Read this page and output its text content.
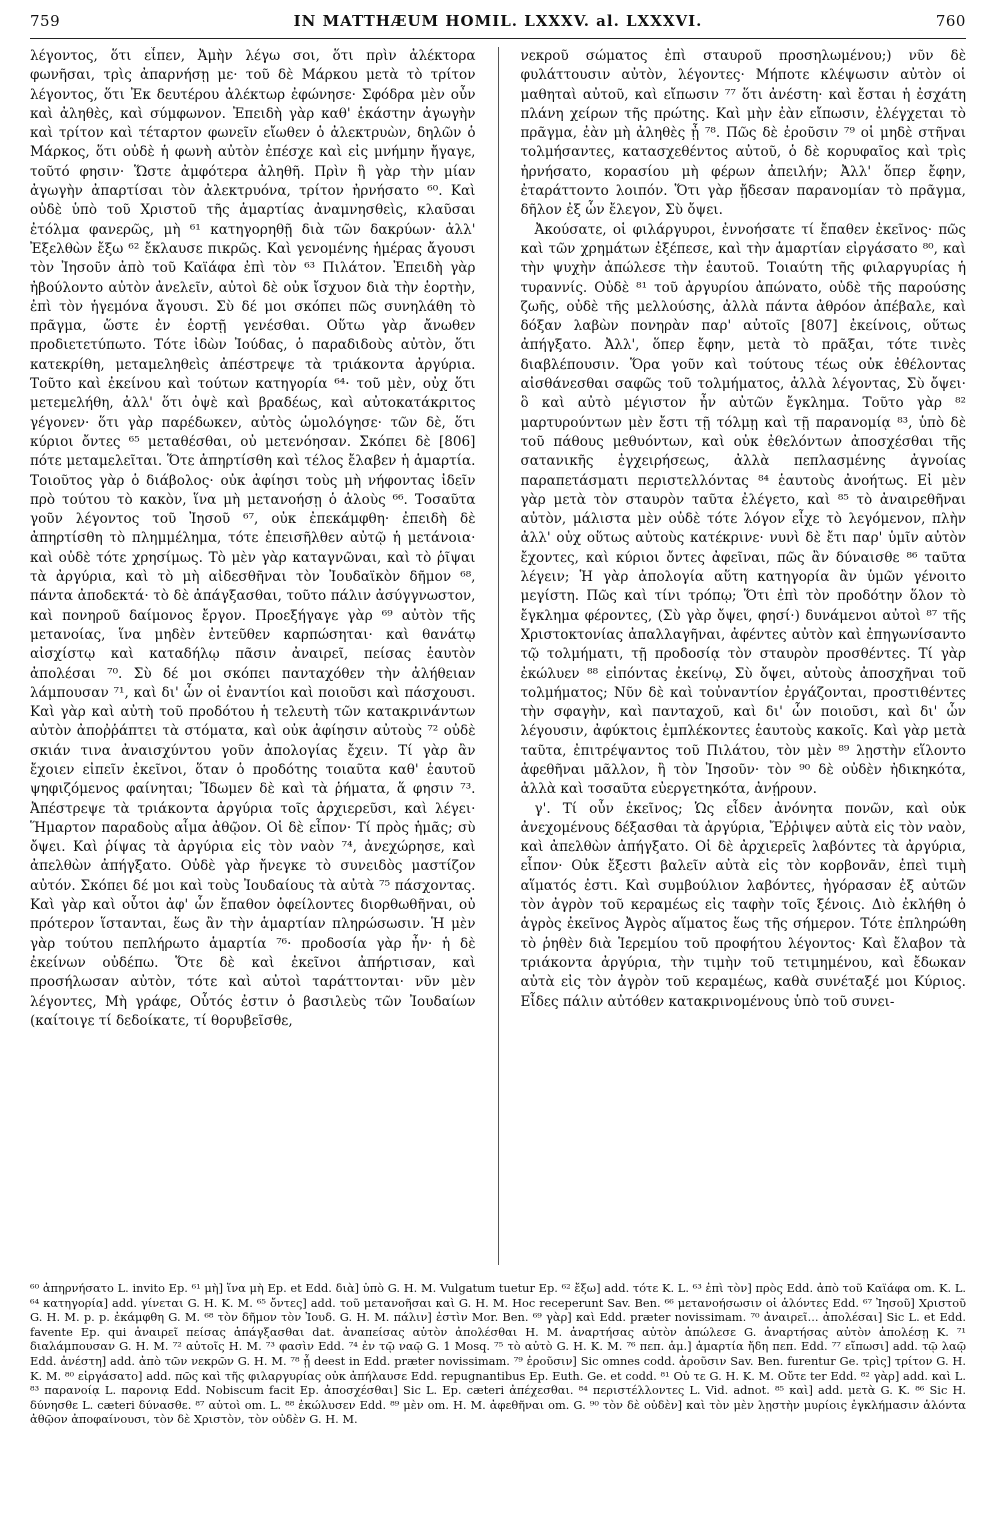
759	IN MATTHÆUM HOMIL. LXXXV. al. LXXXVI.	760

λέγοντος, ὅτι εἶπεν, Ἀμὴν λέγω σοι, ὅτι πρὶν ἀλέκτορα φωνῆσαι, τρὶς ἀπαρνήσῃ με· τοῦ δὲ Μάρκου μετὰ τὸ τρίτον λέγοντος, ὅτι Ἐκ δευτέρου ἀλέκτωρ ἐφώνησε· Σφόδρα μὲν οὖν καὶ ἀληθὲς, καὶ σύμφωνον. Ἐπειδὴ γὰρ καθ' ἑκάστην ἀγωγὴν καὶ τρίτον καὶ τέταρτον φωνεῖν εἴωθεν ὁ ἀλεκτρυὼν, δηλῶν ὁ Μάρκος, ὅτι οὐδὲ ἡ φωνὴ αὐτὸν ἐπέσχε καὶ εἰς μνήμην ἤγαγε, τοῦτό φησιν· Ὥστε ἀμφότερα ἀληθῆ. Πρὶν ἢ γὰρ τὴν μίαν ἀγωγὴν ἀπαρτίσαι τὸν ἀλεκτρυόνα, τρίτον ἠρνήσατο ⁶⁰. Καὶ οὐδὲ ὑπὸ τοῦ Χριστοῦ τῆς ἁμαρτίας ἀναμνησθεὶς, κλαῦσαι ἐτόλμα φανερῶς, μὴ ⁶¹ κατηγορηθῇ διὰ τῶν δακρύων· ἀλλ' Ἐξελθὼν ἔξω ⁶² ἔκλαυσε πικρῶς. Καὶ γενομένης ἡμέρας ἄγουσι τὸν Ἰησοῦν ἀπὸ τοῦ Καϊάφα ἐπὶ τὸν ⁶³ Πιλάτον. Ἐπειδὴ γὰρ ἠβούλοντο αὐτὸν ἀνελεῖν, αὐτοὶ δὲ οὐκ ἴσχυον διὰ τὴν ἑορτὴν, ἐπὶ τὸν ἡγεμόνα ἄγουσι. Σὺ δέ μοι σκόπει πῶς συνηλάθη τὸ πρᾶγμα, ὥστε ἐν ἑορτῇ γενέσθαι. Οὕτω γὰρ ἄνωθεν προδιετετύπωτο. Τότε ἰδὼν Ἰούδας, ὁ παραδιδοὺς αὐτὸν, ὅτι κατεκρίθη, μεταμεληθεὶς ἀπέστρεψε τὰ τριάκοντα ἀργύρια. Τοῦτο καὶ ἐκείνου καὶ τούτων κατηγορία ⁶⁴· τοῦ μὲν, οὐχ ὅτι μετεμελήθη, ἀλλ' ὅτι ὀψὲ καὶ βραδέως, καὶ αὐτοκατάκριτος γέγονεν· ὅτι γὰρ παρέδωκεν, αὐτὸς ὡμολόγησε· τῶν δὲ, ὅτι κύριοι ὄντες ⁶⁵ μεταθέσθαι, οὐ μετενόησαν. Σκόπει δὲ [806] πότε μεταμελεῖται. Ὅτε ἀπηρτίσθη καὶ τέλος ἔλαβεν ἡ ἁμαρτία. Τοιοῦτος γὰρ ὁ διάβολος· οὐκ ἀφίησι τοὺς μὴ νήφοντας ἰδεῖν πρὸ τούτου τὸ κακὸν, ἵνα μὴ μετανοήσῃ ὁ ἁλοὺς ⁶⁶. Τοσαῦτα γοῦν λέγοντος τοῦ Ἰησοῦ ⁶⁷, οὐκ ἐπεκάμφθη· ἐπειδὴ δὲ ἀπηρτίσθη τὸ πλημμέλημα, τότε ἐπεισῆλθεν αὐτῷ ἡ μετάνοια· καὶ οὐδὲ τότε χρησίμως. Τὸ μὲν γὰρ καταγνῶναι, καὶ τὸ ῥῖψαι τὰ ἀργύρια, καὶ τὸ μὴ αἰδεσθῆναι τὸν Ἰουδαϊκὸν δῆμον ⁶⁸, πάντα ἀποδεκτά· τὸ δὲ ἀπάγξασθαι, τοῦτο πάλιν ἀσύγγνωστον, καὶ πονηροῦ δαίμονος ἔργον. Προεξήγαγε γὰρ ⁶⁹ αὐτὸν τῆς μετανοίας, ἵνα μηδὲν ἐντεῦθεν καρπώσηται· καὶ θανάτῳ αἰσχίστῳ καὶ καταδήλῳ πᾶσιν ἀναιρεῖ, πείσας ἑαυτὸν ἀπολέσαι ⁷⁰. Σὺ δέ μοι σκόπει πανταχόθεν τὴν ἀλήθειαν λάμπουσαν ⁷¹, καὶ δι' ὧν οἱ ἐναντίοι καὶ ποιοῦσι καὶ πάσχουσι. Καὶ γὰρ καὶ αὐτὴ τοῦ προδότου ἡ τελευτὴ τῶν κατακρινάντων αὐτὸν ἀποῤῥάπτει τὰ στόματα, καὶ οὐκ ἀφίησιν αὐτοὺς ⁷² οὐδὲ σκιάν τινα ἀναισχύντου γοῦν ἀπολογίας ἔχειν. Τί γὰρ ἂν ἔχοιεν εἰπεῖν ἐκεῖνοι, ὅταν ὁ προδότης τοιαῦτα καθ' ἑαυτοῦ ψηφιζόμενος φαίνηται; Ἴδωμεν δὲ καὶ τὰ ῥήματα, ἅ φησιν ⁷³. Ἀπέστρεψε τὰ τριάκοντα ἀργύρια τοῖς ἀρχιερεῦσι, καὶ λέγει· Ἥμαρτον παραδοὺς αἷμα ἀθῷον. Οἱ δὲ εἶπον· Τί πρὸς ἡμᾶς; σὺ ὄψει. Καὶ ῥίψας τὰ ἀργύρια εἰς τὸν ναὸν ⁷⁴, ἀνεχώρησε, καὶ ἀπελθὼν ἀπήγξατο. Οὐδὲ γὰρ ἤνεγκε τὸ συνειδὸς μαστίζον αὐτόν. Σκόπει δέ μοι καὶ τοὺς Ἰουδαίους τὰ αὐτὰ ⁷⁵ πάσχοντας. Καὶ γὰρ καὶ οὗτοι ἀφ' ὧν ἔπαθον ὀφείλοντες διορθωθῆναι, οὐ πρότερον ἵστανται, ἕως ἂν τὴν ἁμαρτίαν πληρώσωσιν. Ἡ μὲν γὰρ τούτου πεπλήρωτο ἁμαρτία ⁷⁶· προδοσία γὰρ ἦν· ἡ δὲ ἐκείνων οὐδέπω. Ὅτε δὲ καὶ ἐκεῖνοι ἀπήρτισαν, καὶ προσήλωσαν αὐτὸν, τότε καὶ αὐτοὶ ταράττονται· νῦν μὲν λέγοντες, Μὴ γράφε, Οὗτός ἐστιν ὁ βασιλεὺς τῶν Ἰουδαίων (καίτοιγε τί δεδοίκατε, τί θορυβεῖσθε,

νεκροῦ σώματος ἐπὶ σταυροῦ προσηλωμένου;) νῦν δὲ φυλάττουσιν αὐτὸν, λέγοντες· Μήποτε κλέψωσιν αὐτὸν οἱ μαθηταὶ αὐτοῦ, καὶ εἴπωσιν ⁷⁷ ὅτι ἀνέστη· καὶ ἔσται ἡ ἐσχάτη πλάνη χείρων τῆς πρώτης. Καὶ μὴν ἐὰν εἴπωσιν, ἐλέγχεται τὸ πρᾶγμα, ἐὰν μὴ ἀληθὲς ᾖ ⁷⁸. Πῶς δὲ ἐροῦσιν ⁷⁹ οἱ μηδὲ στῆναι τολμήσαντες, κατασχεθέντος αὐτοῦ, ὁ δὲ κορυφαῖος καὶ τρὶς ἠρνήσατο, κορασίου μὴ φέρων ἀπειλήν; Ἀλλ' ὅπερ ἔφην, ἐταράττοντο λοιπόν. Ὅτι γὰρ ᾔδεσαν παρανομίαν τὸ πρᾶγμα, δῆλον ἐξ ὧν ἔλεγον, Σὺ ὄψει.

Ἀκούσατε, οἱ φιλάργυροι, ἐννοήσατε τί ἔπαθεν ἐκεῖνος· πῶς καὶ τῶν χρημάτων ἐξέπεσε, καὶ τὴν ἁμαρτίαν εἰργάσατο ⁸⁰, καὶ τὴν ψυχὴν ἀπώλεσε τὴν ἑαυτοῦ. Τοιαύτη τῆς φιλαργυρίας ἡ τυραννίς. Οὐδὲ ⁸¹ τοῦ ἀργυρίου ἀπώνατο, οὐδὲ τῆς παρούσης ζωῆς, οὐδὲ τῆς μελλούσης, ἀλλὰ πάντα ἀθρόον ἀπέβαλε, καὶ δόξαν λαβὼν πονηρὰν παρ' αὐτοῖς [807] ἐκείνοις, οὕτως ἀπήγξατο. Ἀλλ', ὅπερ ἔφην, μετὰ τὸ πρᾶξαι, τότε τινὲς διαβλέπουσιν. Ὅρα γοῦν καὶ τούτους τέως οὐκ ἐθέλοντας αἰσθάνεσθαι σαφῶς τοῦ τολμήματος, ἀλλὰ λέγοντας, Σὺ ὄψει· ὃ καὶ αὐτὸ μέγιστον ἦν αὐτῶν ἔγκλημα. Τοῦτο γὰρ ⁸² μαρτυρούντων μὲν ἔστι τῇ τόλμῃ καὶ τῇ παρανομίᾳ ⁸³, ὑπὸ δὲ τοῦ πάθους μεθυόντων, καὶ οὐκ ἐθελόντων ἀποσχέσθαι τῆς σατανικῆς ἐγχειρήσεως, ἀλλὰ πεπλασμένης ἀγνοίας παραπετάσματι περιστελλόντας ⁸⁴ ἑαυτοὺς ἀνοήτως. Εἰ μὲν γὰρ μετὰ τὸν σταυρὸν ταῦτα ἐλέγετο, καὶ ⁸⁵ τὸ ἀναιρεθῆναι αὐτὸν, μάλιστα μὲν οὐδὲ τότε λόγον εἶχε τὸ λεγόμενον, πλὴν ἀλλ' οὐχ οὕτως αὐτοὺς κατέκρινε· νυνὶ δὲ ἔτι παρ' ὑμῖν αὐτὸν ἔχοντες, καὶ κύριοι ὄντες ἀφεῖναι, πῶς ἂν δύναισθε ⁸⁶ ταῦτα λέγειν; Ἡ γὰρ ἀπολογία αὕτη κατηγορία ἂν ὑμῶν γένοιτο μεγίστη. Πῶς καὶ τίνι τρόπῳ; Ὅτι ἐπὶ τὸν προδότην ὅλον τὸ ἔγκλημα φέροντες, (Σὺ γὰρ ὄψει, φησί·) δυνάμενοι αὐτοὶ ⁸⁷ τῆς Χριστοκτονίας ἀπαλλαγῆναι, ἀφέντες αὐτὸν καὶ ἐπηγωνίσαντο τῷ τολμήματι, τῇ προδοσίᾳ τὸν σταυρὸν προσθέντες. Τί γὰρ ἐκώλυεν ⁸⁸ εἰπόντας ἐκείνῳ, Σὺ ὄψει, αὐτοὺς ἀποσχῆναι τοῦ τολμήματος; Νῦν δὲ καὶ τοὐναντίον ἐργάζονται, προστιθέντες τὴν σφαγὴν, καὶ πανταχοῦ, καὶ δι' ὧν ποιοῦσι, καὶ δι' ὧν λέγουσιν, ἀφύκτοις ἐμπλέκοντες ἑαυτοὺς κακοῖς. Καὶ γὰρ μετὰ ταῦτα, ἐπιτρέψαντος τοῦ Πιλάτου, τὸν μὲν ⁸⁹ λῃστὴν εἵλοντο ἀφεθῆναι μᾶλλον, ἢ τὸν Ἰησοῦν· τὸν ⁹⁰ δὲ οὐδὲν ἠδικηκότα, ἀλλὰ καὶ τοσαῦτα εὐεργετηκότα, ἀνῄρουν.

γ'. Τί οὖν ἐκεῖνος; Ὡς εἶδεν ἀνόνητα πονῶν, καὶ οὐκ ἀνεχομένους δέξασθαι τὰ ἀργύρια, Ἔῤῥιψεν αὐτὰ εἰς τὸν ναὸν, καὶ ἀπελθὼν ἀπήγξατο. Οἱ δὲ ἀρχιερεῖς λαβόντες τὰ ἀργύρια, εἶπον· Οὐκ ἔξεστι βαλεῖν αὐτὰ εἰς τὸν κορβονᾶν, ἐπεὶ τιμὴ αἵματός ἐστι. Καὶ συμβούλιον λαβόντες, ἠγόρασαν ἐξ αὐτῶν τὸν ἀγρὸν τοῦ κεραμέως εἰς ταφὴν τοῖς ξένοις. Διὸ ἐκλήθη ὁ ἀγρὸς ἐκεῖνος Ἀγρὸς αἵματος ἕως τῆς σήμερον. Τότε ἐπληρώθη τὸ ῥηθὲν διὰ Ἱερεμίου τοῦ προφήτου λέγοντος· Καὶ ἔλαβον τὰ τριάκοντα ἀργύρια, τὴν τιμὴν τοῦ τετιμημένου, καὶ ἔδωκαν αὐτὰ εἰς τὸν ἀγρὸν τοῦ κεραμέως, καθὰ συνέταξέ μοι Κύριος. Εἶδες πάλιν αὐτόθεν κατακρινομένους ὑπὸ τοῦ συνει-

⁶⁰ ἀπηρνήσατο L. invito Ep. ⁶¹ μὴ] ἵνα μὴ Ep. et Edd. διὰ] ὑπὸ G. H. M. Vulgatum tuetur Ep. ⁶² ἔξω] add. τότε K. L. ⁶³ ἐπὶ τὸν] πρὸς Edd. ἀπὸ τοῦ Καϊάφα om. K. L. ⁶⁴ κατηγορία] add. γίνεται G. H. K. M. ⁶⁵ ὄντες] add. τοῦ μετανοῆσαι καὶ G. H. M. Hoc receperunt Sav. Ben. ⁶⁶ μετανοήσωσιν οἱ ἁλόντες Edd. ⁶⁷ Ἰησοῦ] Χριστοῦ G. H. M. p. p. ἐκάμφθη G. M. ⁶⁸ τὸν δῆμον τὸν Ἰουδ. G. H. M. πάλιν] ἐστὶν Mor. Ben. ⁶⁹ γὰρ] καὶ Edd. præter novissimam. ⁷⁰ ἀναιρεῖ... ἀπολέσαι] Sic L. et Edd. favente Ep. qui ἀναιρεῖ πείσας ἀπάγξασθαι dat. ἀναπείσας αὐτὸν ἀπολέσθαι H. M. ἀναρτήσας αὐτὸν ἀπώλεσε G. ἀναρτήσας αὐτὸν ἀπολέσῃ K. ⁷¹ διαλάμπουσαν G. H. M. ⁷² αὐτοῖς H. M. ⁷³ φασὶν Edd. ⁷⁴ ἐν τῷ ναῷ G. 1 Mosq. ⁷⁵ τὸ αὐτὸ G. H. K. M. ⁷⁶ πεπ. ἁμ.] ἁμαρτία ἤδη πεπ. Edd. ⁷⁷ εἴπωσι] add. τῷ λαῷ Edd. ἀνέστη] add. ἀπὸ τῶν νεκρῶν G. H. M. ⁷⁸ ᾖ deest in Edd. præter novissimam. ⁷⁹ ἐροῦσιν] Sic omnes codd. ἀροῦσιν Sav. Ben. furentur Ge. τρὶς] τρίτον G. H. K. M. ⁸⁰ εἰργάσατο] add. πῶς καὶ τῆς φιλαργυρίας οὐκ ἀπήλαυσε Edd. repugnantibus Ep. Euth. Ge. et codd. ⁸¹ Οὐ τε G. H. K. M. Οὔτε ter Edd. ⁸² γὰρ] add. καὶ L. ⁸³ παρανοίᾳ L. παρονιᾳ Edd. Nobiscum facit Ep. ἀποσχέσθαι] Sic L. Ep. cæteri ἀπέχεσθαι. ⁸⁴ περιστέλλοντες L. Vid. adnot. ⁸⁵ καὶ] add. μετὰ G. K. ⁸⁶ Sic H. δύνησθε L. cæteri δύνασθε. ⁸⁷ αὐτοὶ om. L. ⁸⁸ ἐκώλυσεν Edd. ⁸⁹ μὲν om. H. M. ἀφεθῆναι om. G. ⁹⁰ τὸν δὲ οὐδὲν] καὶ τὸν μὲν λῃστὴν μυρίοις ἐγκλήμασιν ἁλόντα ἀθῷον ἀποφαίνουσι, τὸν δὲ Χριστὸν, τὸν οὐδὲν G. H. M.
